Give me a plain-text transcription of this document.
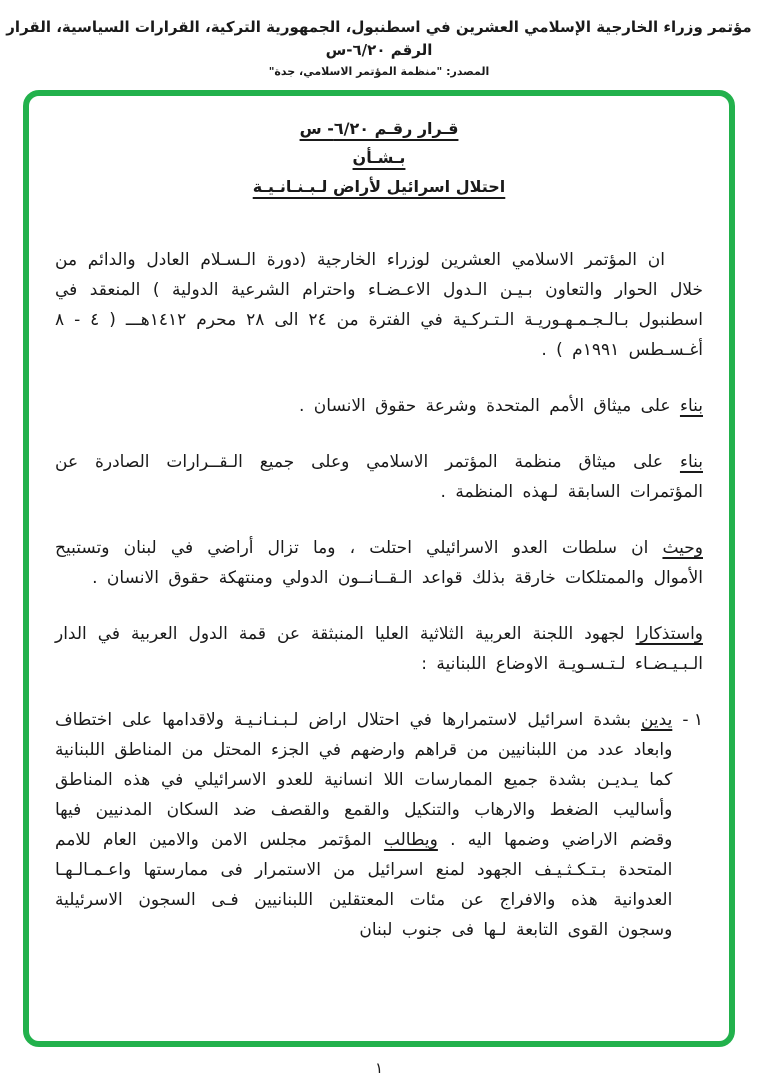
مؤتمر وزراء الخارجية الإسلامي العشرين في اسطنبول، الجمهورية التركية، القرارات السياسية، القرار الرقم ٦/٢٠-س
المصدر: "منظمة المؤتمر الاسلامي، جدة"
قـرار رقـم ٦/٢٠- س
بـشـأن
احتلال اسرائيل لأراض لـبـنـانـيـة

ان المؤتمر الاسلامي العشرين لوزراء الخارجية (دورة الـسـلام العادل والدائم من خلال الحوار والتعاون بـيـن الـدول الاعـضـاء واحترام الشرعية الدولية ) المنعقد في اسطنبول بـالـجـمـهـوريـة الـتـركـية في الفترة من ٢٤ الى ٢٨ محرم ١٤١٢هـــ ( ٤ - ٨ أغـسـطس ١٩٩١م ) .

بناء على ميثاق الأمم المتحدة وشرعة حقوق الانسان .

بناء على ميثاق منظمة المؤتمر الاسلامي وعلى جميع الـقــرارات الصادرة عن المؤتمرات السابقة لـهذه المنظمة .

وحيث ان سلطات العدو الاسرائيلي احتلت ، وما تزال أراضي في لبنان وتستبيح الأموال والممتلكات خارقة بذلك قواعد الـقــانــون الدولي ومنتهكة حقوق الانسان .

واستذكارا لجهود اللجنة العربية الثلاثية العليا المنبثقة عن قمة الدول العربية في الدار الـبـيـضـاء لـتـسـويـة الاوضاع اللبنانية :

١ -
يدين بشدة اسرائيل لاستمرارها في احتلال اراض لـبـنـانـيـة ولاقدامها على اختطاف وابعاد عدد من اللبنانيين من قراهم وارضهم في الجزء المحتل من المناطق اللبنانية كما يـديـن بشدة جميع الممارسات اللا انسانية للعدو الاسرائيلي في هذه المناطق وأساليب الضغط والارهاب والتنكيل والقمع والقصف ضد السكان المدنيين فيها وقضم الاراضي وضمها اليه . ويطالب المؤتمر مجلس الامن والامين العام للامم المتحدة بـتـكـثـيـف الجهود لمنع اسرائيل من الاستمرار فى ممارستها واعـمـالـهـا العدوانية هذه والافراج عن مئات المعتقلين اللبنانيين فـى السجون الاسرئيلية وسجون القوى التابعة لـها فى جنوب لبنان
١
